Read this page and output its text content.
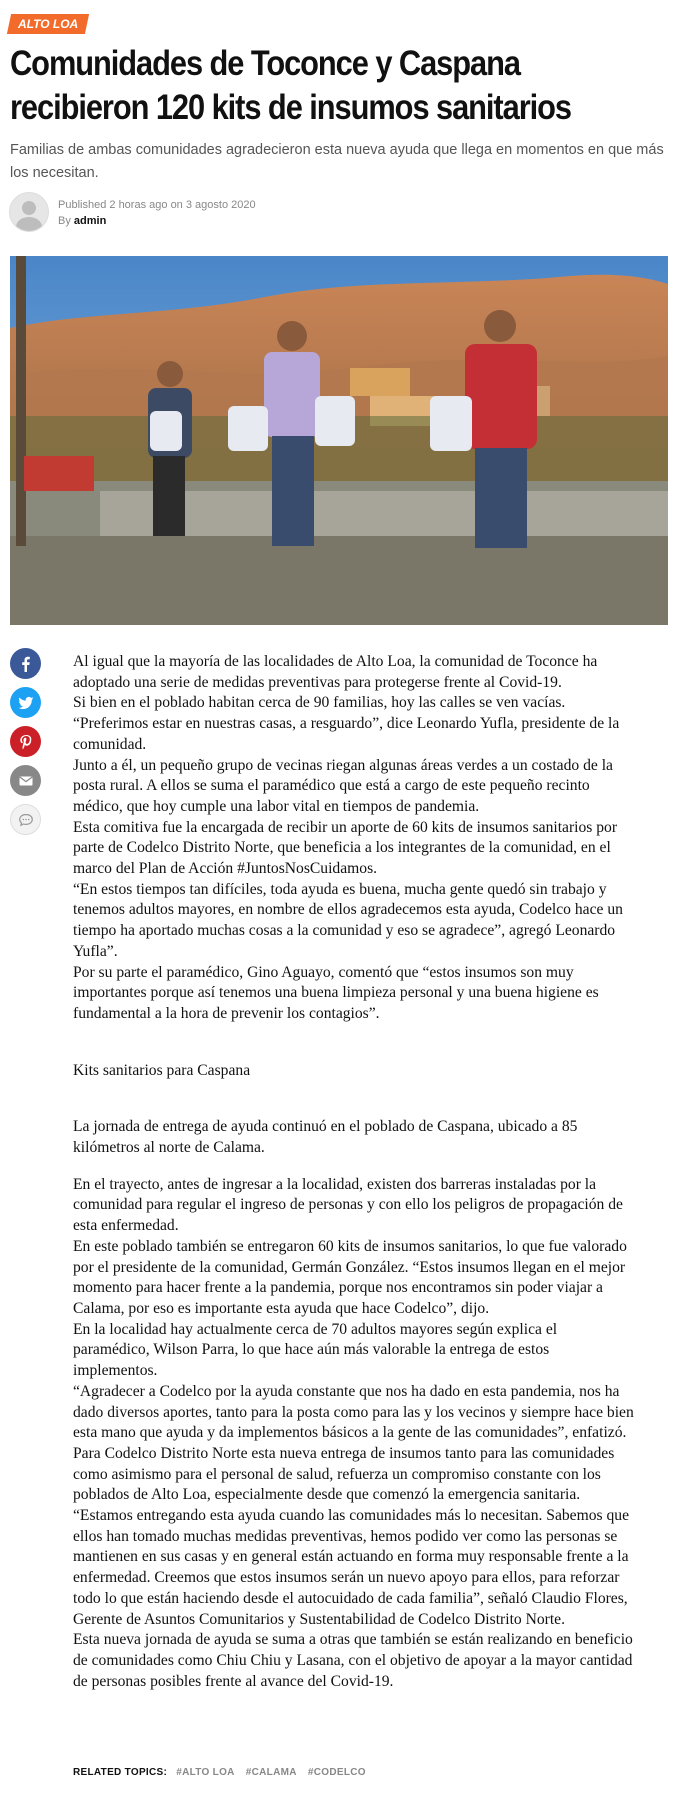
ALTO LOA
Comunidades de Toconce y Caspana
recibieron 120 kits de insumos sanitarios

Familias de ambas comunidades agradecieron esta nueva ayuda que llega en momentos en que más los necesitan.

Published 2 horas ago on 3 agosto 2020
By admin

Al igual que la mayoría de las localidades de Alto Loa, la comunidad de Toconce ha adoptado una serie de medidas preventivas para protegerse frente al Covid-19.

Si bien en el poblado habitan cerca de 90 familias, hoy las calles se ven vacías. “Preferimos estar en nuestras casas, a resguardo”, dice Leonardo Yufla, presidente de la comunidad.

Junto a él, un pequeño grupo de vecinas riegan algunas áreas verdes a un costado de la posta rural. A ellos se suma el paramédico que está a cargo de este pequeño recinto médico, que hoy cumple una labor vital en tiempos de pandemia.

Esta comitiva fue la encargada de recibir un aporte de 60 kits de insumos sanitarios por parte de Codelco Distrito Norte, que beneficia a los integrantes de la comunidad, en el marco del Plan de Acción #JuntosNosCuidamos.

“En estos tiempos tan difíciles, toda ayuda es buena, mucha gente quedó sin trabajo y tenemos adultos mayores, en nombre de ellos agradecemos esta ayuda, Codelco hace un tiempo ha aportado muchas cosas a la comunidad y eso se agradece”, agregó Leonardo Yufla”.

Por su parte el paramédico, Gino Aguayo, comentó que “estos insumos son muy importantes porque así tenemos una buena limpieza personal y una buena higiene es fundamental a la hora de prevenir los contagios”.

Kits sanitarios para Caspana

La jornada de entrega de ayuda continuó en el poblado de Caspana, ubicado a 85 kilómetros al norte de Calama.

En el trayecto, antes de ingresar a la localidad, existen dos barreras instaladas por la comunidad para regular el ingreso de personas y con ello los peligros de propagación de esta enfermedad.

En este poblado también se entregaron 60 kits de insumos sanitarios, lo que fue valorado por el presidente de la comunidad, Germán González. “Estos insumos llegan en el mejor momento para hacer frente a la pandemia, porque nos encontramos sin poder viajar a Calama, por eso es importante esta ayuda que hace Codelco”, dijo.

En la localidad hay actualmente cerca de 70 adultos mayores según explica el paramédico, Wilson Parra, lo que hace aún más valorable la entrega de estos implementos.

“Agradecer a Codelco por la ayuda constante que nos ha dado en esta pandemia, nos ha dado diversos aportes, tanto para la posta como para las y los vecinos y siempre hace bien esta mano que ayuda y da implementos básicos a la gente de las comunidades”, enfatizó.

Para Codelco Distrito Norte esta nueva entrega de insumos tanto para las comunidades como asimismo para el personal de salud, refuerza un compromiso constante con los poblados de Alto Loa, especialmente desde que comenzó la emergencia sanitaria.

“Estamos entregando esta ayuda cuando las comunidades más lo necesitan. Sabemos que ellos han tomado muchas medidas preventivas, hemos podido ver como las personas se mantienen en sus casas y en general están actuando en forma muy responsable frente a la enfermedad. Creemos que estos insumos serán un nuevo apoyo para ellos, para reforzar todo lo que están haciendo desde el autocuidado de cada familia”, señaló Claudio Flores, Gerente de Asuntos Comunitarios y Sustentabilidad de Codelco Distrito Norte.

Esta nueva jornada de ayuda se suma a otras que también se están realizando en beneficio de comunidades como Chiu Chiu y Lasana, con el objetivo de apoyar a la mayor cantidad de personas posibles frente al avance del Covid-19.

RELATED TOPICS: #ALTO LOA #CALAMA #CODELCO
